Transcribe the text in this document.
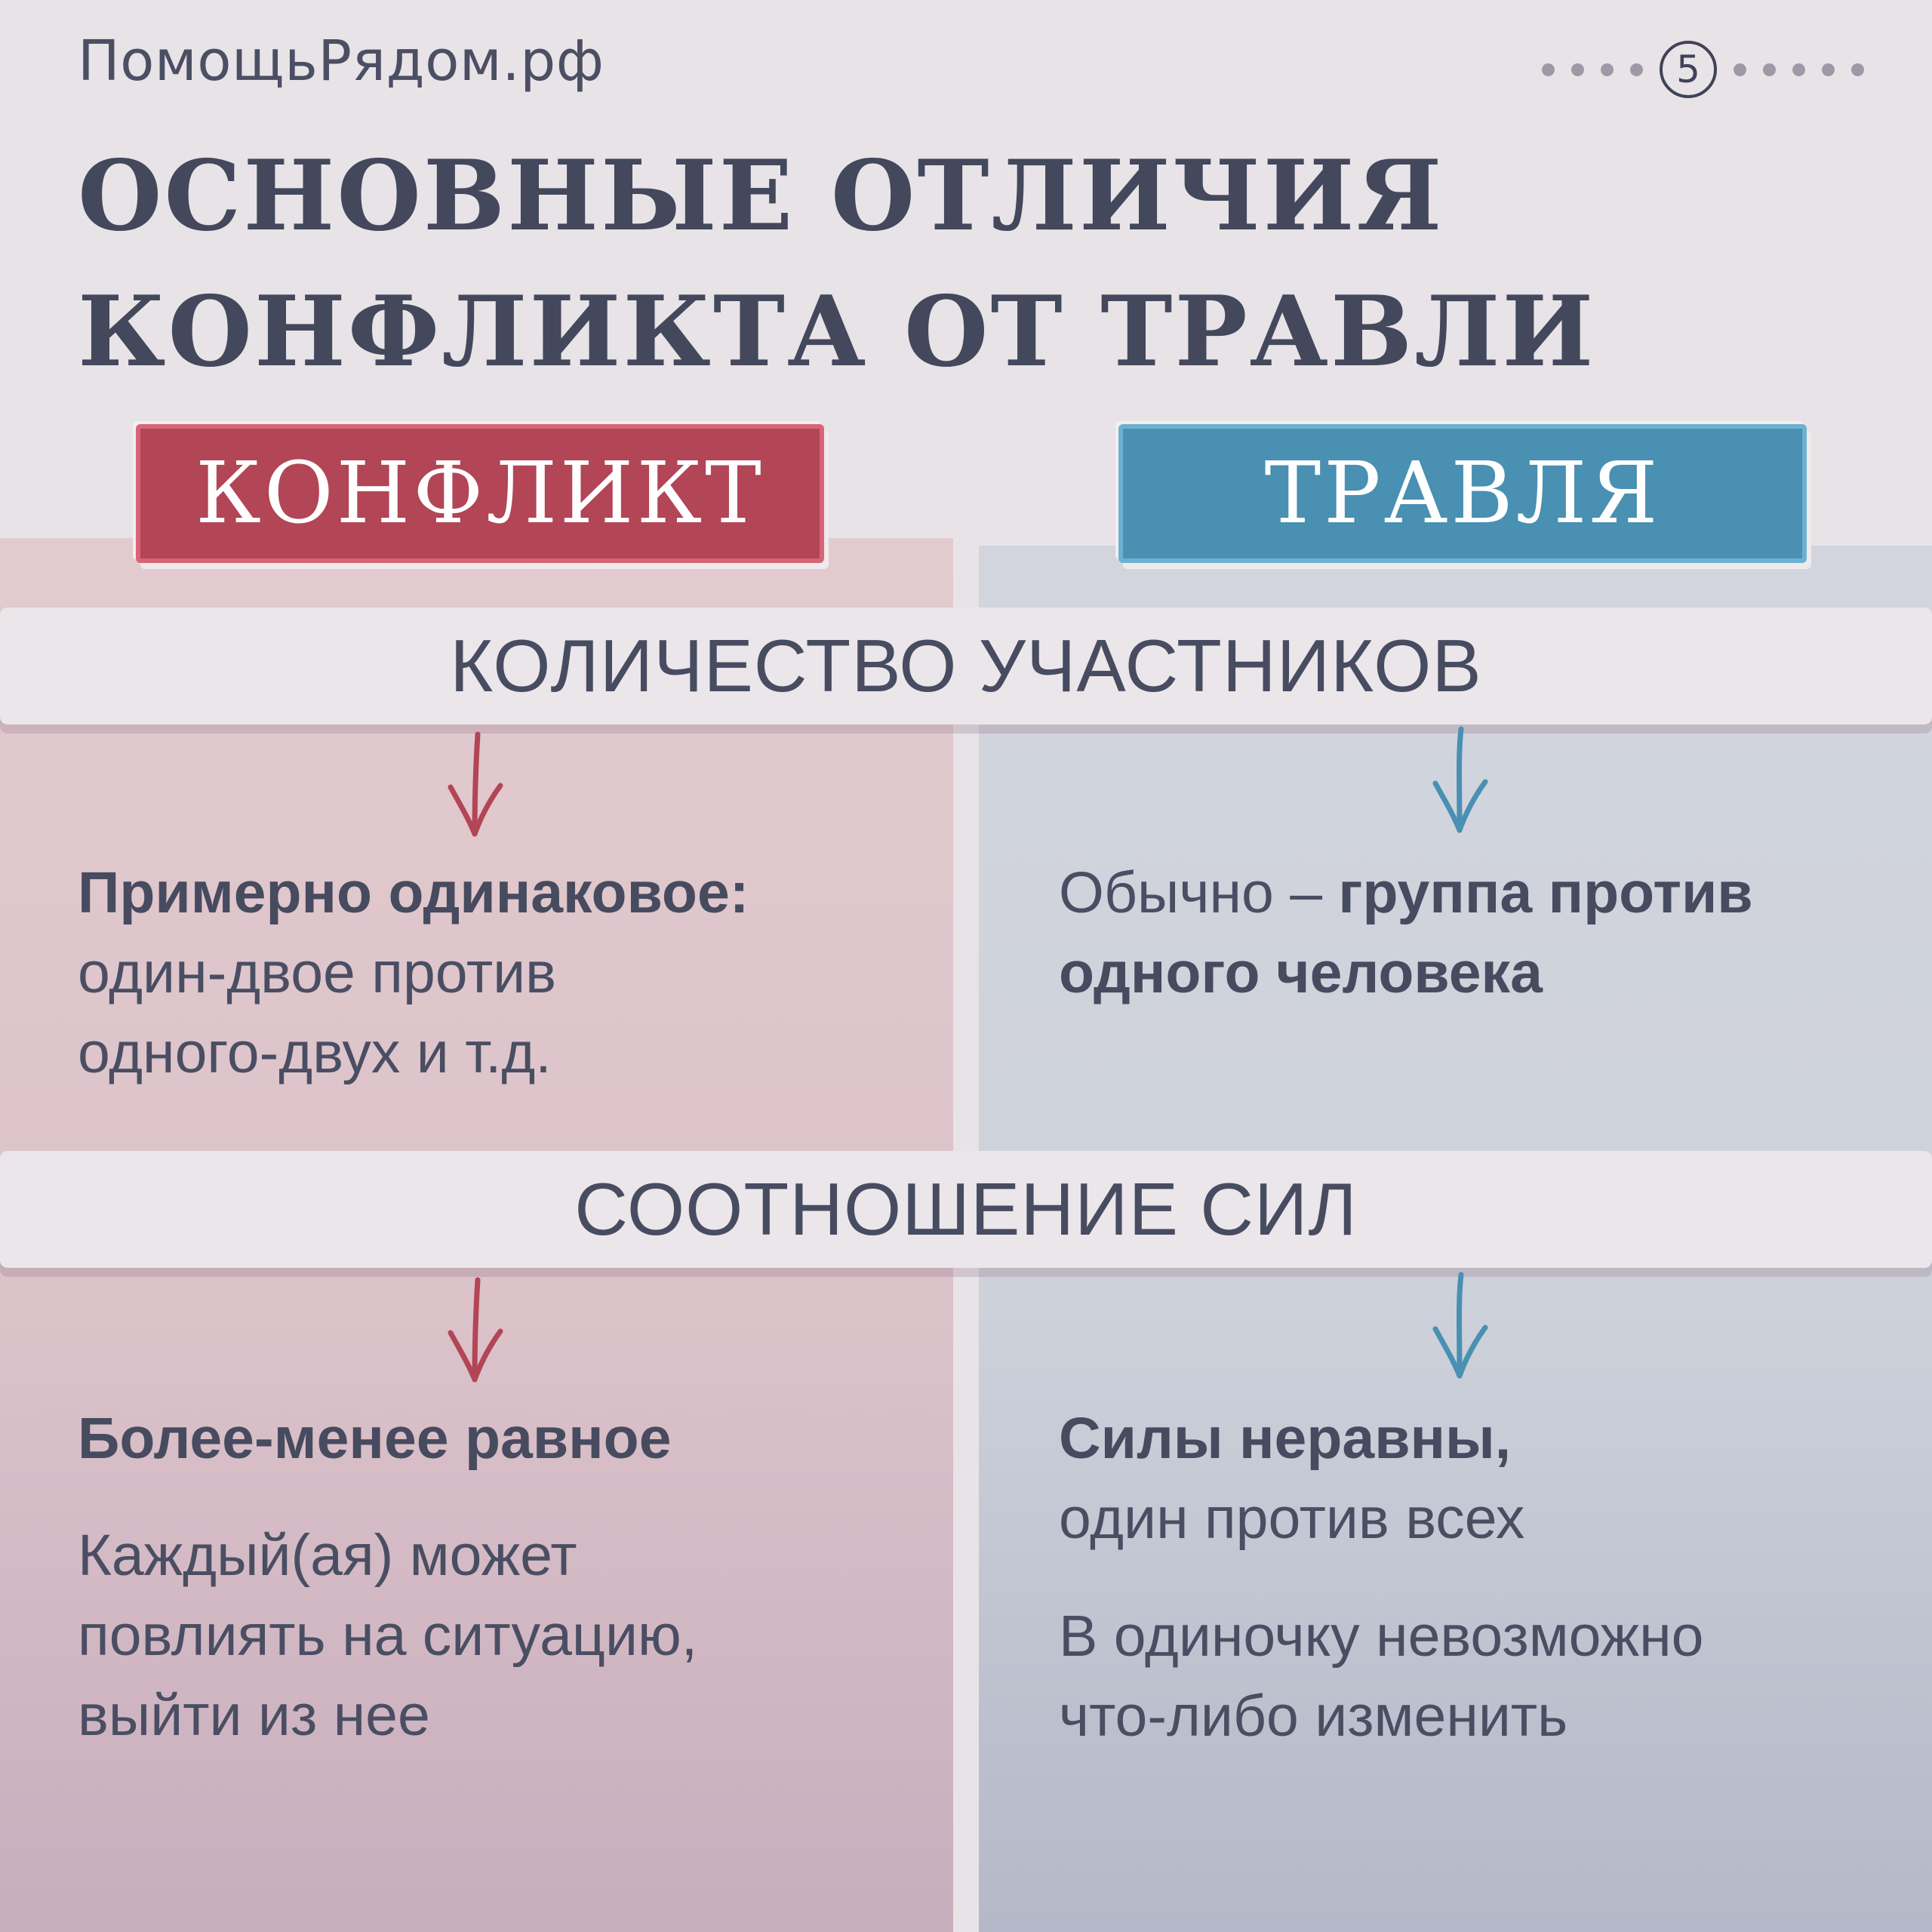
ПомощьРядом.рф	5
ОСНОВНЫЕ ОТЛИЧИЯ
КОНФЛИКТА ОТ ТРАВЛИ
КОНФЛИКТ	ТРАВЛЯ
КОЛИЧЕСТВО УЧАСТНИКОВ
Примерно одинаковое:
один-двое против
одного-двух и т.д.
Обычно – группа против
одного человека
СООТНОШЕНИЕ СИЛ
Более-менее равное
Каждый(ая) может
повлиять на ситуацию,
выйти из нее
Силы неравны,
один против всех
В одиночку невозможно
что-либо изменить
